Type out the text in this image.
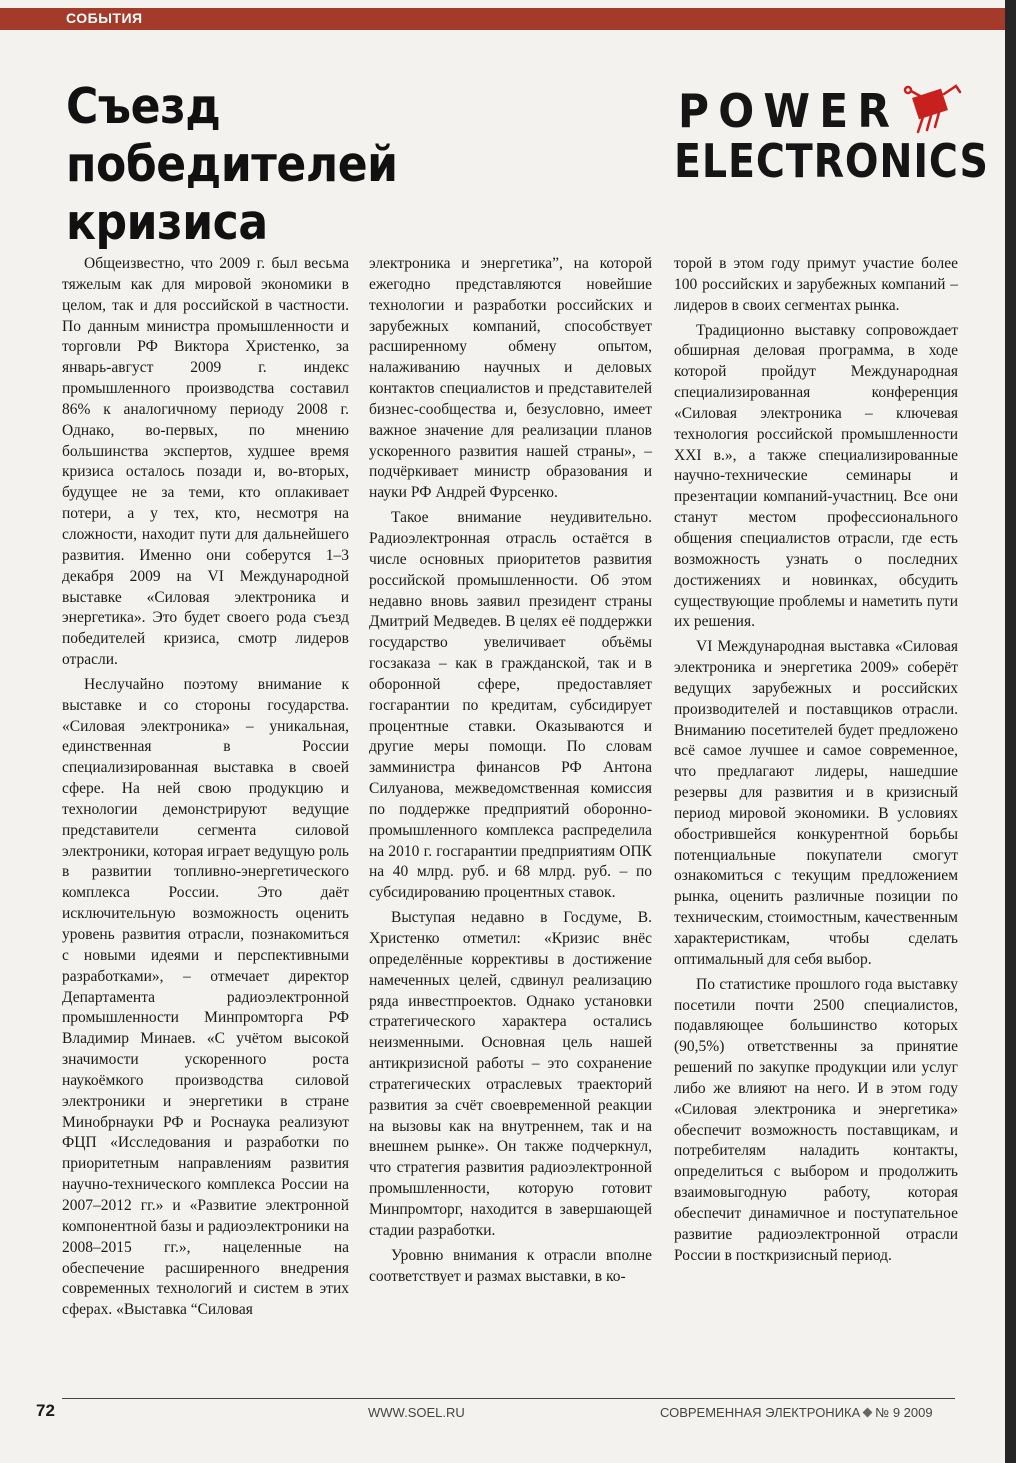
СОБЫТИЯ
Съезд победителей кризиса
POWER
ELECTRONICS

Общеизвестно, что 2009 г. был весьма тяжелым как для мировой экономики в целом, так и для российской в частности. По данным министра промышленности и торговли РФ Виктора Христенко, за январь-август 2009 г. индекс промышленного производства составил 86% к аналогичному периоду 2008 г. Однако, во-первых, по мнению большинства экспертов, худшее время кризиса осталось позади и, во-вторых, будущее не за теми, кто оплакивает потери, а у тех, кто, несмотря на сложности, находит пути для дальнейшего развития. Именно они соберутся 1–3 декабря 2009 на VI Международной выставке «Силовая электроника и энергетика». Это будет своего рода съезд победителей кризиса, смотр лидеров отрасли.

Неслучайно поэтому внимание к выставке и со стороны государства. «Силовая электроника» – уникальная, единственная в России специализированная выставка в своей сфере. На ней свою продукцию и технологии демонстрируют ведущие представители сегмента силовой электроники, которая играет ведущую роль в развитии топливно-энергетического комплекса России. Это даёт исключительную возможность оценить уровень развития отрасли, познакомиться с новыми идеями и перспективными разработками», – отмечает директор Департамента радиоэлектронной промышленности Минпромторга РФ Владимир Минаев. «С учётом высокой значимости ускоренного роста наукоёмкого производства силовой электроники и энергетики в стране Минобрнауки РФ и Роснаука реализуют ФЦП «Исследования и разработки по приоритетным направлениям развития научно-технического комплекса России на 2007–2012 гг.» и «Развитие электронной компонентной базы и радиоэлектроники на 2008–2015 гг.», нацеленные на обеспечение расширенного внедрения современных технологий и систем в этих сферах. «Выставка “Силовая

электроника и энергетика”, на которой ежегодно представляются новейшие технологии и разработки российских и зарубежных компаний, способствует расширенному обмену опытом, налаживанию научных и деловых контактов специалистов и представителей бизнес-сообщества и, безусловно, имеет важное значение для реализации планов ускоренного развития нашей страны», – подчёркивает министр образования и науки РФ Андрей Фурсенко.

Такое внимание неудивительно. Радиоэлектронная отрасль остаётся в числе основных приоритетов развития российской промышленности. Об этом недавно вновь заявил президент страны Дмитрий Медведев. В целях её поддержки государство увеличивает объёмы госзаказа – как в гражданской, так и в оборонной сфере, предоставляет госгарантии по кредитам, субсидирует процентные ставки. Оказываются и другие меры помощи. По словам замминистра финансов РФ Антона Силуанова, межведомственная комиссия по поддержке предприятий оборонно-промышленного комплекса распределила на 2010 г. госгарантии предприятиям ОПК на 40 млрд. руб. и 68 млрд. руб. – по субсидированию процентных ставок.

Выступая недавно в Госдуме, В. Христенко отметил: «Кризис внёс определённые коррективы в достижение намеченных целей, сдвинул реализацию ряда инвестпроектов. Однако установки стратегического характера остались неизменными. Основная цель нашей антикризисной работы – это сохранение стратегических отраслевых траекторий развития за счёт своевременной реакции на вызовы как на внутреннем, так и на внешнем рынке». Он также подчеркнул, что стратегия развития радиоэлектронной промышленности, которую готовит Минпромторг, находится в завершающей стадии разработки.

Уровню внимания к отрасли вполне соответствует и размах выставки, в ко-

торой в этом году примут участие более 100 российских и зарубежных компаний – лидеров в своих сегментах рынка.

Традиционно выставку сопровождает обширная деловая программа, в ходе которой пройдут Международная специализированная конференция «Силовая электроника – ключевая технология российской промышленности XXI в.», а также специализированные научно-технические семинары и презентации компаний-участниц. Все они станут местом профессионального общения специалистов отрасли, где есть возможность узнать о последних достижениях и новинках, обсудить существующие проблемы и наметить пути их решения.

VI Международная выставка «Силовая электроника и энергетика 2009» соберёт ведущих зарубежных и российских производителей и поставщиков отрасли. Вниманию посетителей будет предложено всё самое лучшее и самое современное, что предлагают лидеры, нашедшие резервы для развития и в кризисный период мировой экономики. В условиях обострившейся конкурентной борьбы потенциальные покупатели смогут ознакомиться с текущим предложением рынка, оценить различные позиции по техническим, стоимостным, качественным характеристикам, чтобы сделать оптимальный для себя выбор.

По статистике прошлого года выставку посетили почти 2500 специалистов, подавляющее большинство которых (90,5%) ответственны за принятие решений по закупке продукции или услуг либо же влияют на него. И в этом году «Силовая электроника и энергетика» обеспечит возможность поставщикам, и потребителям наладить контакты, определиться с выбором и продолжить взаимовыгодную работу, которая обеспечит динамичное и поступательное развитие радиоэлектронной отрасли России в посткризисный период.

72	WWW.SOEL.RU	СОВРЕМЕННАЯ ЭЛЕКТРОНИКА № 9 2009
